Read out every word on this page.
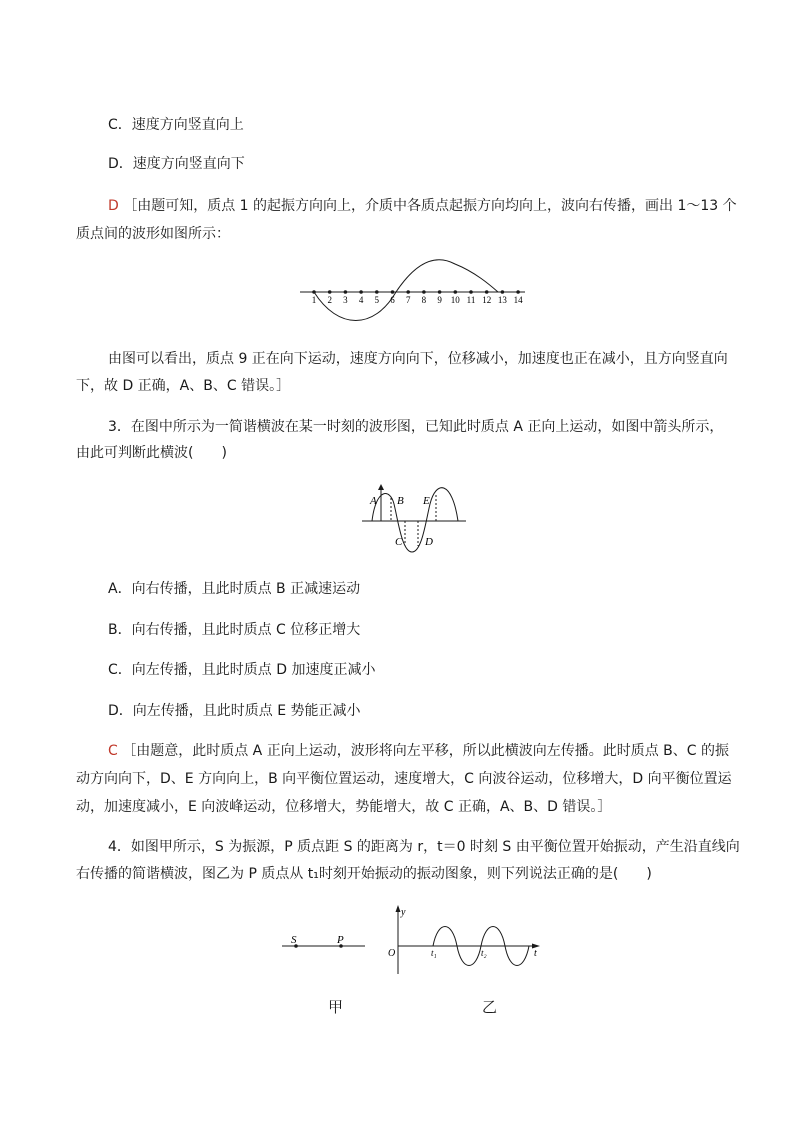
C．速度方向竖直向上
D．速度方向竖直向下
D ［由题可知，质点 1 的起振方向向上，介质中各质点起振方向均向上，波向右传播，画出 1～13 个
质点间的波形如图所示：
1 2 3 4 5 6 7 8 9 10 11 12 13 14
由图可以看出，质点 9 正在向下运动，速度方向向下，位移减小，加速度也正在减小，且方向竖直向
下，故 D 正确，A、B、C 错误。］
3．在图中所示为一简谐横波在某一时刻的波形图，已知此时质点 A 正向上运动，如图中箭头所示，
由此可判断此横波(　　)
A B
C D
E
A．向右传播，且此时质点 B 正减速运动
B．向右传播，且此时质点 C 位移正增大
C．向左传播，且此时质点 D 加速度正减小
D．向左传播，且此时质点 E 势能正减小
C ［由题意，此时质点 A 正向上运动，波形将向左平移，所以此横波向左传播。此时质点 B、C 的振
动方向向下，D、E 方向向上，B 向平衡位置运动，速度增大，C 向波谷运动，位移增大，D 向平衡位置运
动，加速度减小，E 向波峰运动，位移增大，势能增大，故 C 正确，A、B、D 错误。］
4．如图甲所示，S 为振源，P 质点距 S 的距离为 r，t＝0 时刻 S 由平衡位置开始振动，产生沿直线向
右传播的简谐横波，图乙为 P 质点从 t₁时刻开始振动的振动图象，则下列说法正确的是(　　)
S	P
y
O	t₁	t₂	t
甲	乙
